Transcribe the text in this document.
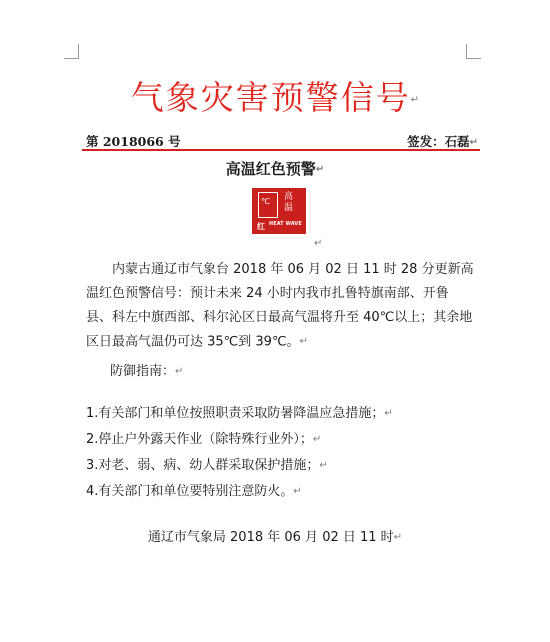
气象灾害预警信号↵
第 2018066 号	签发：石磊↵
高温红色预警↵
℃ 高温
红 HEAT WAVE
↵

内蒙古通辽市气象台 2018 年 06 月 02 日 11 时 28 分更新高温红色预警信号：预计未来 24 小时内我市扎鲁特旗南部、开鲁县、科左中旗西部、科尔沁区日最高气温将升至 40℃以上；其余地区日最高气温仍可达 35℃到 39℃。↵

防御指南：↵
1.有关部门和单位按照职责采取防暑降温应急措施；↵
2.停止户外露天作业（除特殊行业外）；↵
3.对老、弱、病、幼人群采取保护措施；↵
4.有关部门和单位要特别注意防火。↵
通辽市气象局 2018 年 06 月 02 日 11 时↵
